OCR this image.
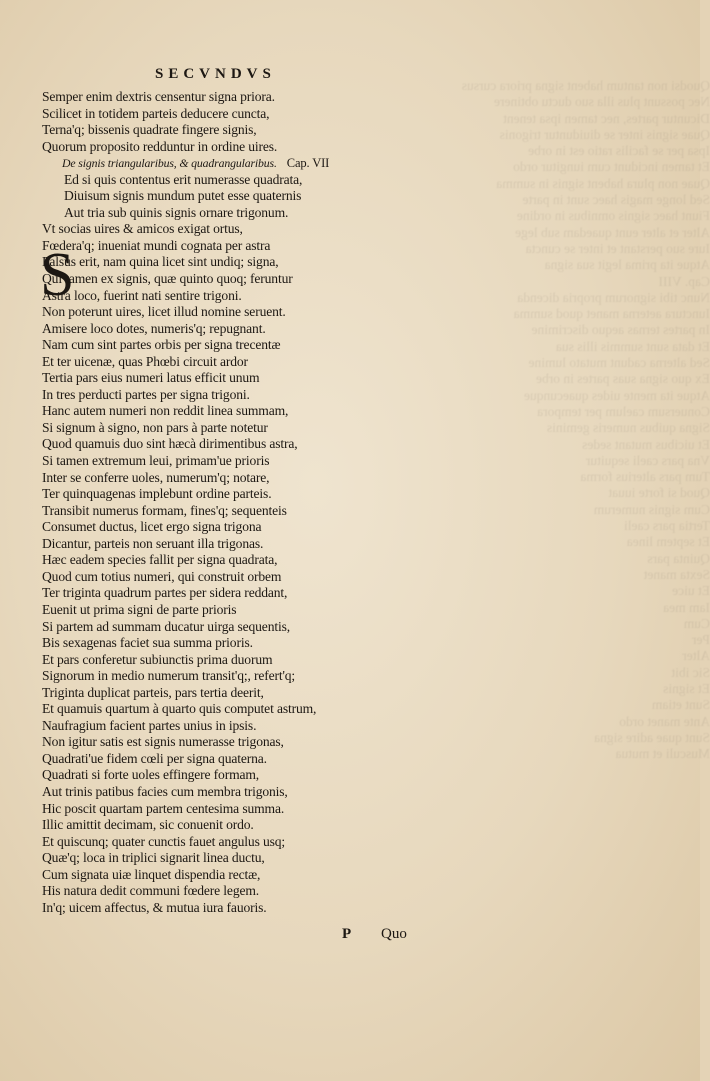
Quodsi non tantum habent signa priora cursus
Nec possunt plus illa suo ductu obtinere
Dicuntur partes, nec tamen ipsa tenent
Quae signis inter se diuiduntur trigonis
Ipsa per se facilis ratio est in orbe
Et tamen incidunt cum iungitur ordo
Quae non plura habent signis in summa
Sed longe magis haec sunt in parte
Fiunt haec signis omnibus in ordine
Alter et alter eunt quaedam sub lege
Iure suo perstant et inter se cuncta
Atque ita prima legit sua signa
Cap. VIII
Nunc tibi signorum propria dicenda
Iunctura aeterna manet quod summa
In partes ternas aequo discrimine
Et data sunt summis illis sua
Sed alterna cadunt mutato lumine
Ex quo signa suas partes in orbe
Atque ita mente uides quaecunque
Conuersum caelum per tempora
Signa quibus numeris geminis
Et uicibus mutant sedes
Vna pars caeli sequitur
Tum pars alterius forma
Quod si forte iuuat
Cum signis numerum
Tertia pars caeli
Et septem linea
Quinta pars
Sexta manet
Et uice
Iam mea
Cum
Per
Alter
Sic ibit
Et signis
Sunt etiam
Ante manet ordo
Sunt quae adire signa
Musculi et mutua
SECVNDVS
Semper enim dextris censentur signa priora.
Scilicet in totidem parteis deducere cuncta,
Terna'q; bissenis quadrate fingere signis,
Quorum proposito redduntur in ordine uires.
De signis triangularibus, & quadrangularibus. Cap. VII
S
Ed si quis contentus erit numerasse quadrata,
Diuisum signis mundum putet esse quaternis
Aut tria sub quinis signis ornare trigonum.
Vt socias uires & amicos exigat ortus,
Fœdera'q; inueniat mundi cognata per astra
Falsus erit, nam quina licet sint undiq; signa,
Qui tamen ex signis, quæ quinto quoq; feruntur
Astra loco, fuerint nati sentire trigoni.
Non poterunt uires, licet illud nomine seruent.
Amisere loco dotes, numeris'q; repugnant.
Nam cum sint partes orbis per signa trecentæ
Et ter uicenæ, quas Phœbi circuit ardor
Tertia pars eius numeri latus efficit unum
In tres perducti partes per signa trigoni.
Hanc autem numeri non reddit linea summam,
Si signum à signo, non pars à parte notetur
Quod quamuis duo sint hæcà dirimentibus astra,
Si tamen extremum leui, primam'ue prioris
Inter se conferre uoles, numerum'q; notare,
Ter quinquagenas implebunt ordine parteis.
Transibit numerus formam, fines'q; sequenteis
Consumet ductus, licet ergo signa trigona
Dicantur, parteis non seruant illa trigonas.
Hæc eadem species fallit per signa quadrata,
Quod cum totius numeri, qui construit orbem
Ter triginta quadrum partes per sidera reddant,
Euenit ut prima signi de parte prioris
Si partem ad summam ducatur uirga sequentis,
Bis sexagenas faciet sua summa prioris.
Et pars conferetur subiunctis prima duorum
Signorum in medio numerum transit'q;, refert'q;
Triginta duplicat parteis, pars tertia deerit,
Et quamuis quartum à quarto quis computet astrum,
Naufragium facient partes unius in ipsis.
Non igitur satis est signis numerasse trigonas,
Quadrati'ue fidem cœli per signa quaterna.
Quadrati si forte uoles effingere formam,
Aut trinis patibus facies cum membra trigonis,
Hic poscit quartam partem centesima summa.
Illic amittit decimam, sic conuenit ordo.
Et quiscunq; quater cunctis fauet angulus usq;
Quæ'q; loca in triplici signarit linea ductu,
Cum signata uiæ linquet dispendia rectæ,
His natura dedit communi fœdere legem.
In'q; uicem affectus, & mutua iura fauoris.
P Quo
